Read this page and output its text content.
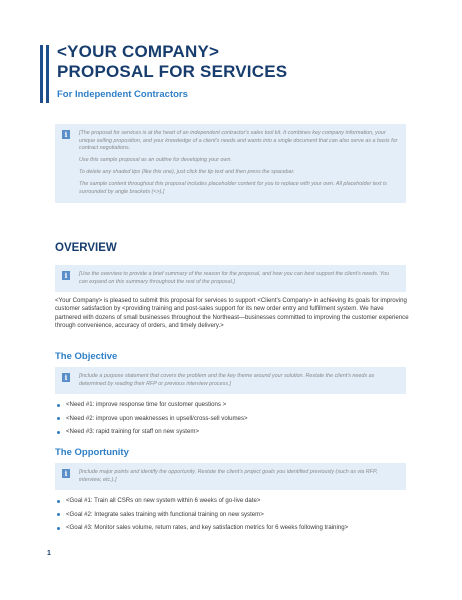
<YOUR COMPANY>
PROPOSAL FOR SERVICES
For Independent Contractors
i	[The proposal for services is at the heart of an independent contractor's sales tool kit. It combines key company information, your unique selling proposition, and your knowledge of a client's needs and wants into a single document that can also serve as a basis for contract negotiations.

Use this sample proposal as an outline for developing your own.

To delete any shaded tips (like this one), just click the tip text and then press the spacebar.

The sample content throughout this proposal includes placeholder content for you to replace with your own. All placeholder text is surrounded by angle brackets (<>).]

OVERVIEW
i	[Use the overview to provide a brief summary of the reason for the proposal, and how you can best support the client's needs. You can expand on this summary throughout the rest of the proposal.]

<Your Company> is pleased to submit this proposal for services to support <Client's Company> in achieving its goals for improving customer satisfaction by <providing training and post-sales support for its new order entry and fulfillment system. We have partnered with dozens of small businesses throughout the Northeast—businesses committed to improving the customer experience through convenience, accuracy of orders, and timely delivery.>

The Objective
i	[Include a purpose statement that covers the problem and the key theme around your solution. Restate the client's needs as determined by reading their RFP or previous interview process.]

<Need #1: improve response time for customer questions >
<Need #2: improve upon weaknesses in upsell/cross-sell volumes>
<Need #3: rapid training for staff on new system>
The Opportunity
i	[Include major points and identify the opportunity. Restate the client's project goals you identified previously (such as via RFP, interview, etc.).]

<Goal #1: Train all CSRs on new system within 6 weeks of go-live date>
<Goal #2: Integrate sales training with functional training on new system>
<Goal #3: Monitor sales volume, return rates, and key satisfaction metrics for 6 weeks following training>
1
